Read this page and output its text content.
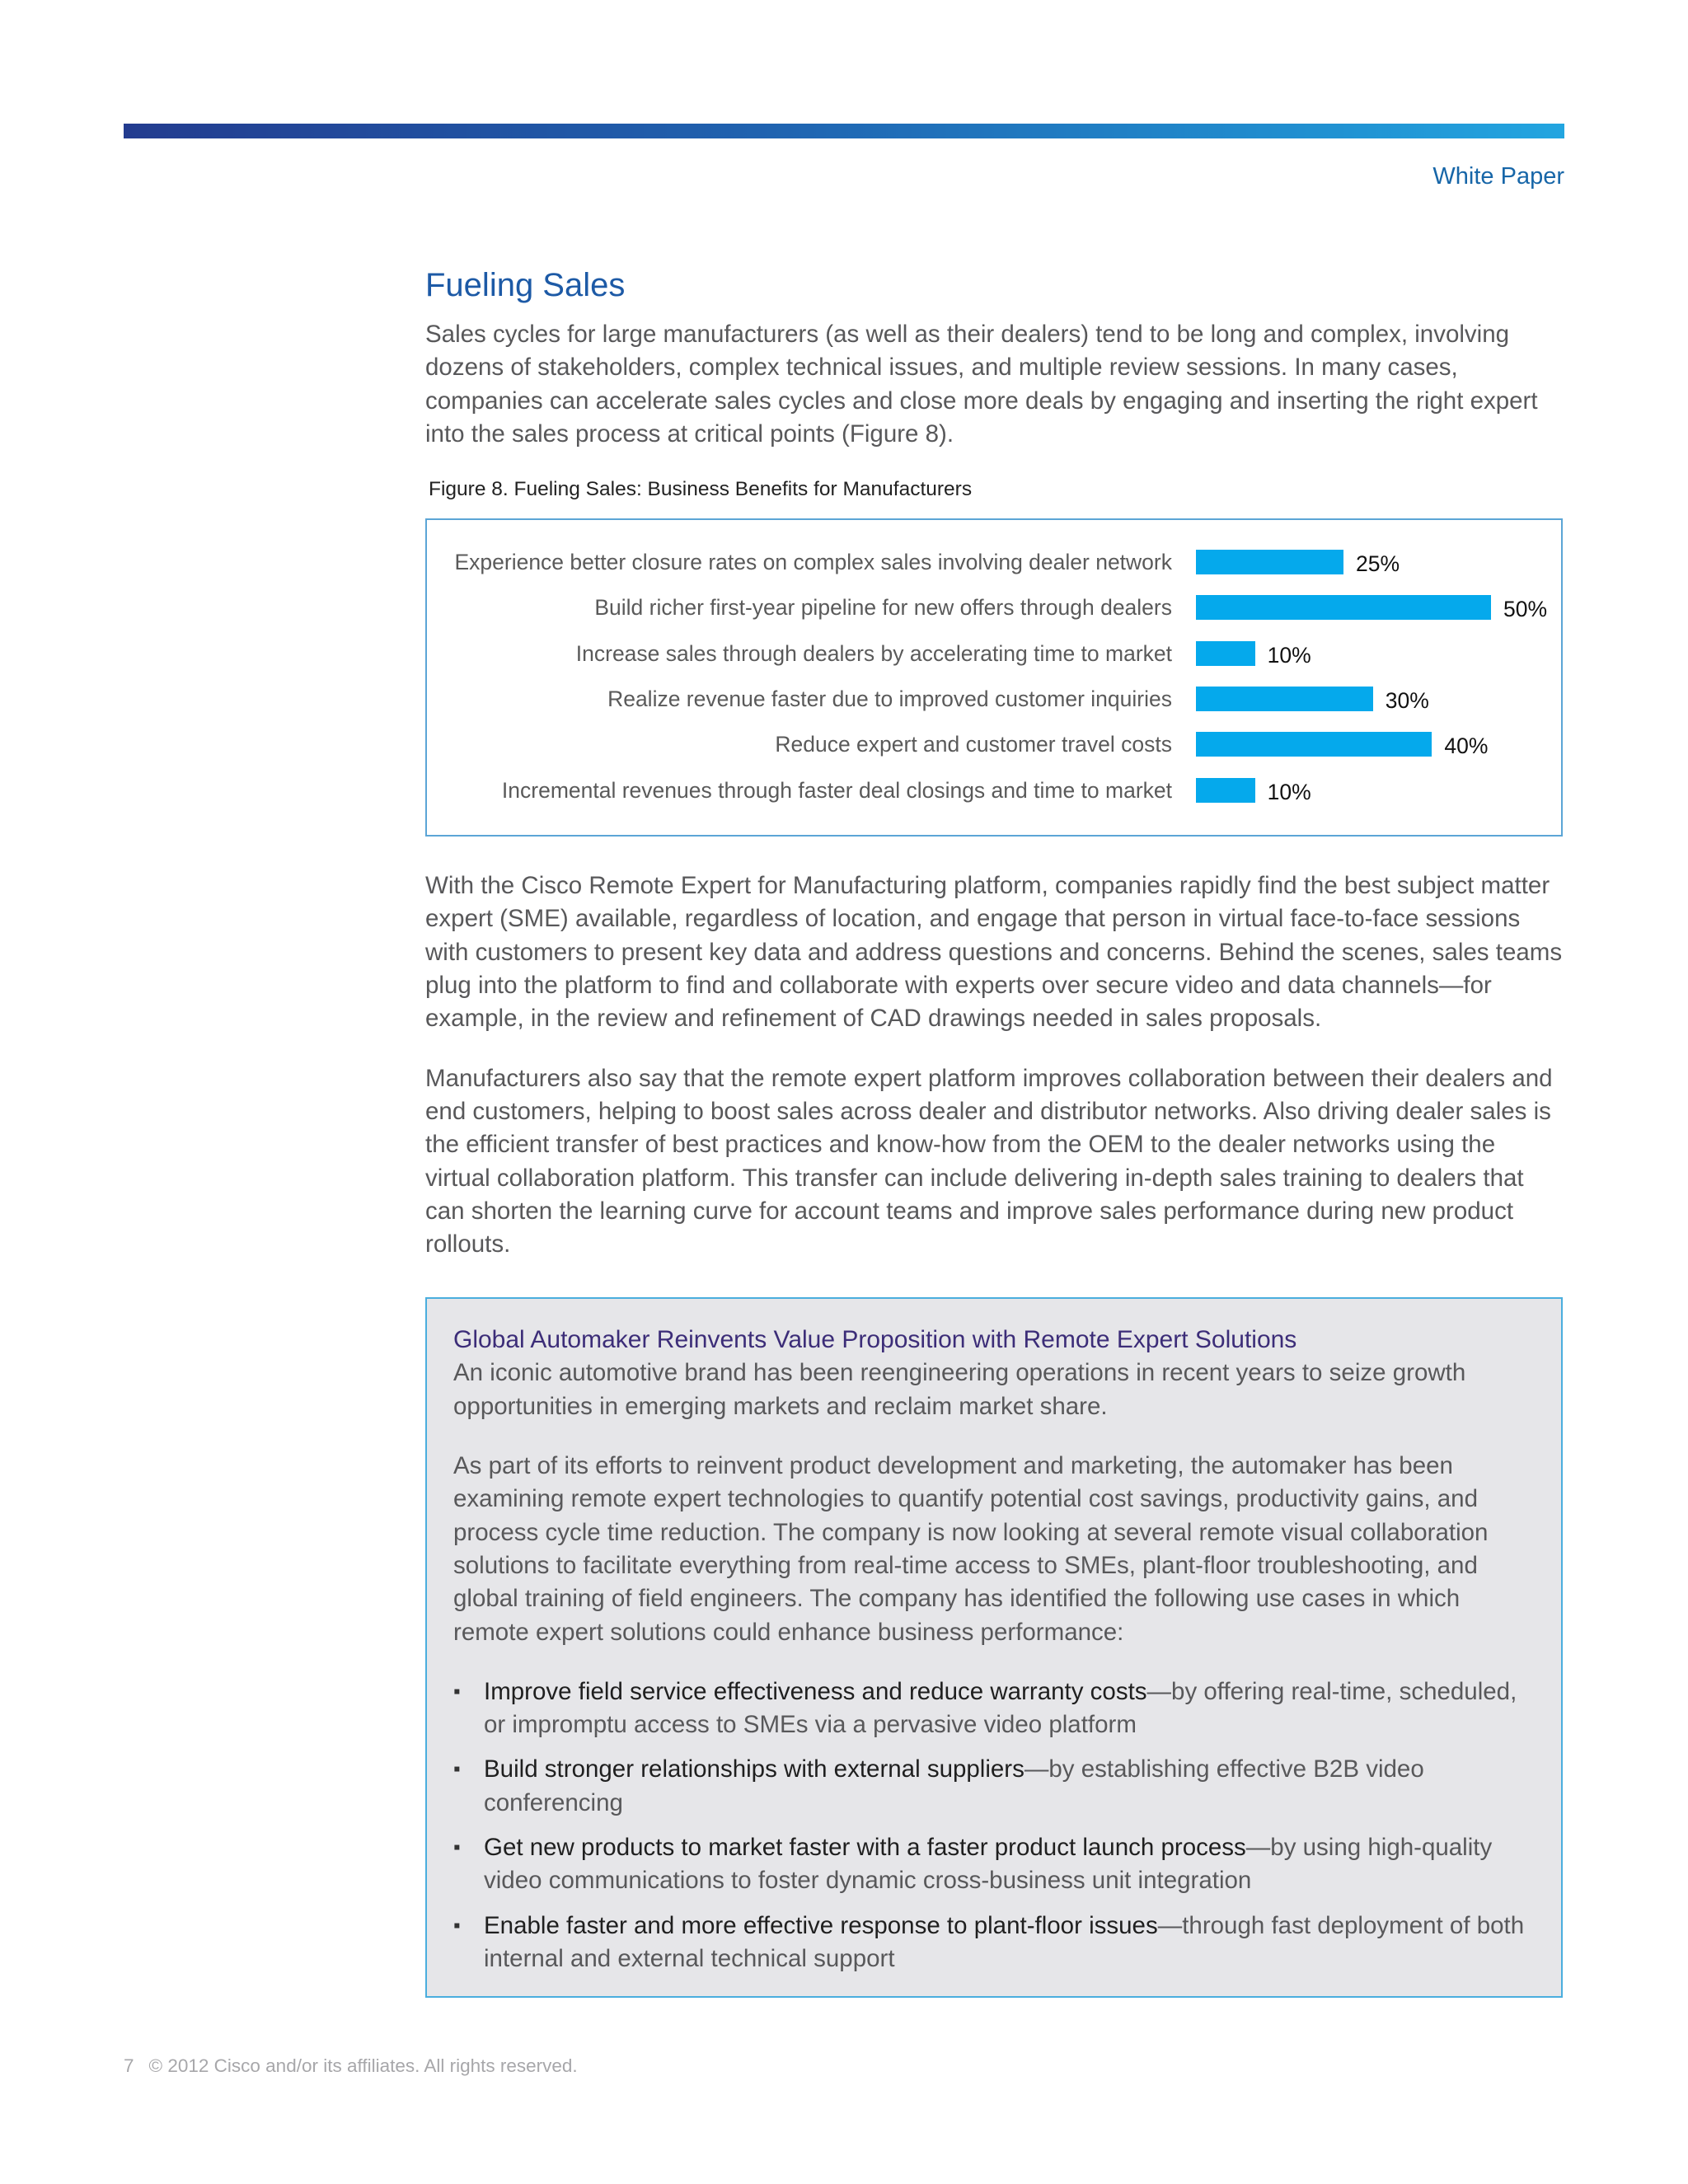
White Paper
Fueling Sales

Sales cycles for large manufacturers (as well as their dealers) tend to be long and complex, involving dozens of stakeholders, complex technical issues, and multiple review sessions. In many cases, companies can accelerate sales cycles and close more deals by engaging and inserting the right expert into the sales process at critical points (Figure 8).

Figure 8. Fueling Sales: Business Benefits for Manufacturers
Experience better closure rates on complex sales involving dealer network	25%
Build richer first-year pipeline for new offers through dealers	50%
Increase sales through dealers by accelerating time to market	10%
Realize revenue faster due to improved customer inquiries	30%
Reduce expert and customer travel costs	40%
Incremental revenues through faster deal closings and time to market	10%

With the Cisco Remote Expert for Manufacturing platform, companies rapidly find the best subject matter expert (SME) available, regardless of location, and engage that person in virtual face-to-face sessions with customers to present key data and address questions and concerns. Behind the scenes, sales teams plug into the platform to find and collaborate with experts over secure video and data channels—for example, in the review and refinement of CAD drawings needed in sales proposals.

Manufacturers also say that the remote expert platform improves collaboration between their dealers and end customers, helping to boost sales across dealer and distributor networks. Also driving dealer sales is the efficient transfer of best practices and know-how from the OEM to the dealer networks using the virtual collaboration platform. This transfer can include delivering in-depth sales training to dealers that can shorten the learning curve for account teams and improve sales performance during new product rollouts.

Global Automaker Reinvents Value Proposition with Remote Expert Solutions

An iconic automotive brand has been reengineering operations in recent years to seize growth opportunities in emerging markets and reclaim market share.

As part of its efforts to reinvent product development and marketing, the automaker has been examining remote expert technologies to quantify potential cost savings, productivity gains, and process cycle time reduction. The company is now looking at several remote visual collaboration solutions to facilitate everything from real-time access to SMEs, plant-floor troubleshooting, and global training of field engineers. The company has identified the following use cases in which remote expert solutions could enhance business performance:

▪ Improve field service effectiveness and reduce warranty costs—by offering real-time, scheduled, or impromptu access to SMEs via a pervasive video platform
▪ Build stronger relationships with external suppliers—by establishing effective B2B video conferencing
▪ Get new products to market faster with a faster product launch process—by using high-quality video communications to foster dynamic cross-business unit integration
▪ Enable faster and more effective response to plant-floor issues—through fast deployment of both internal and external technical support
7 © 2012 Cisco and/or its affiliates. All rights reserved.
